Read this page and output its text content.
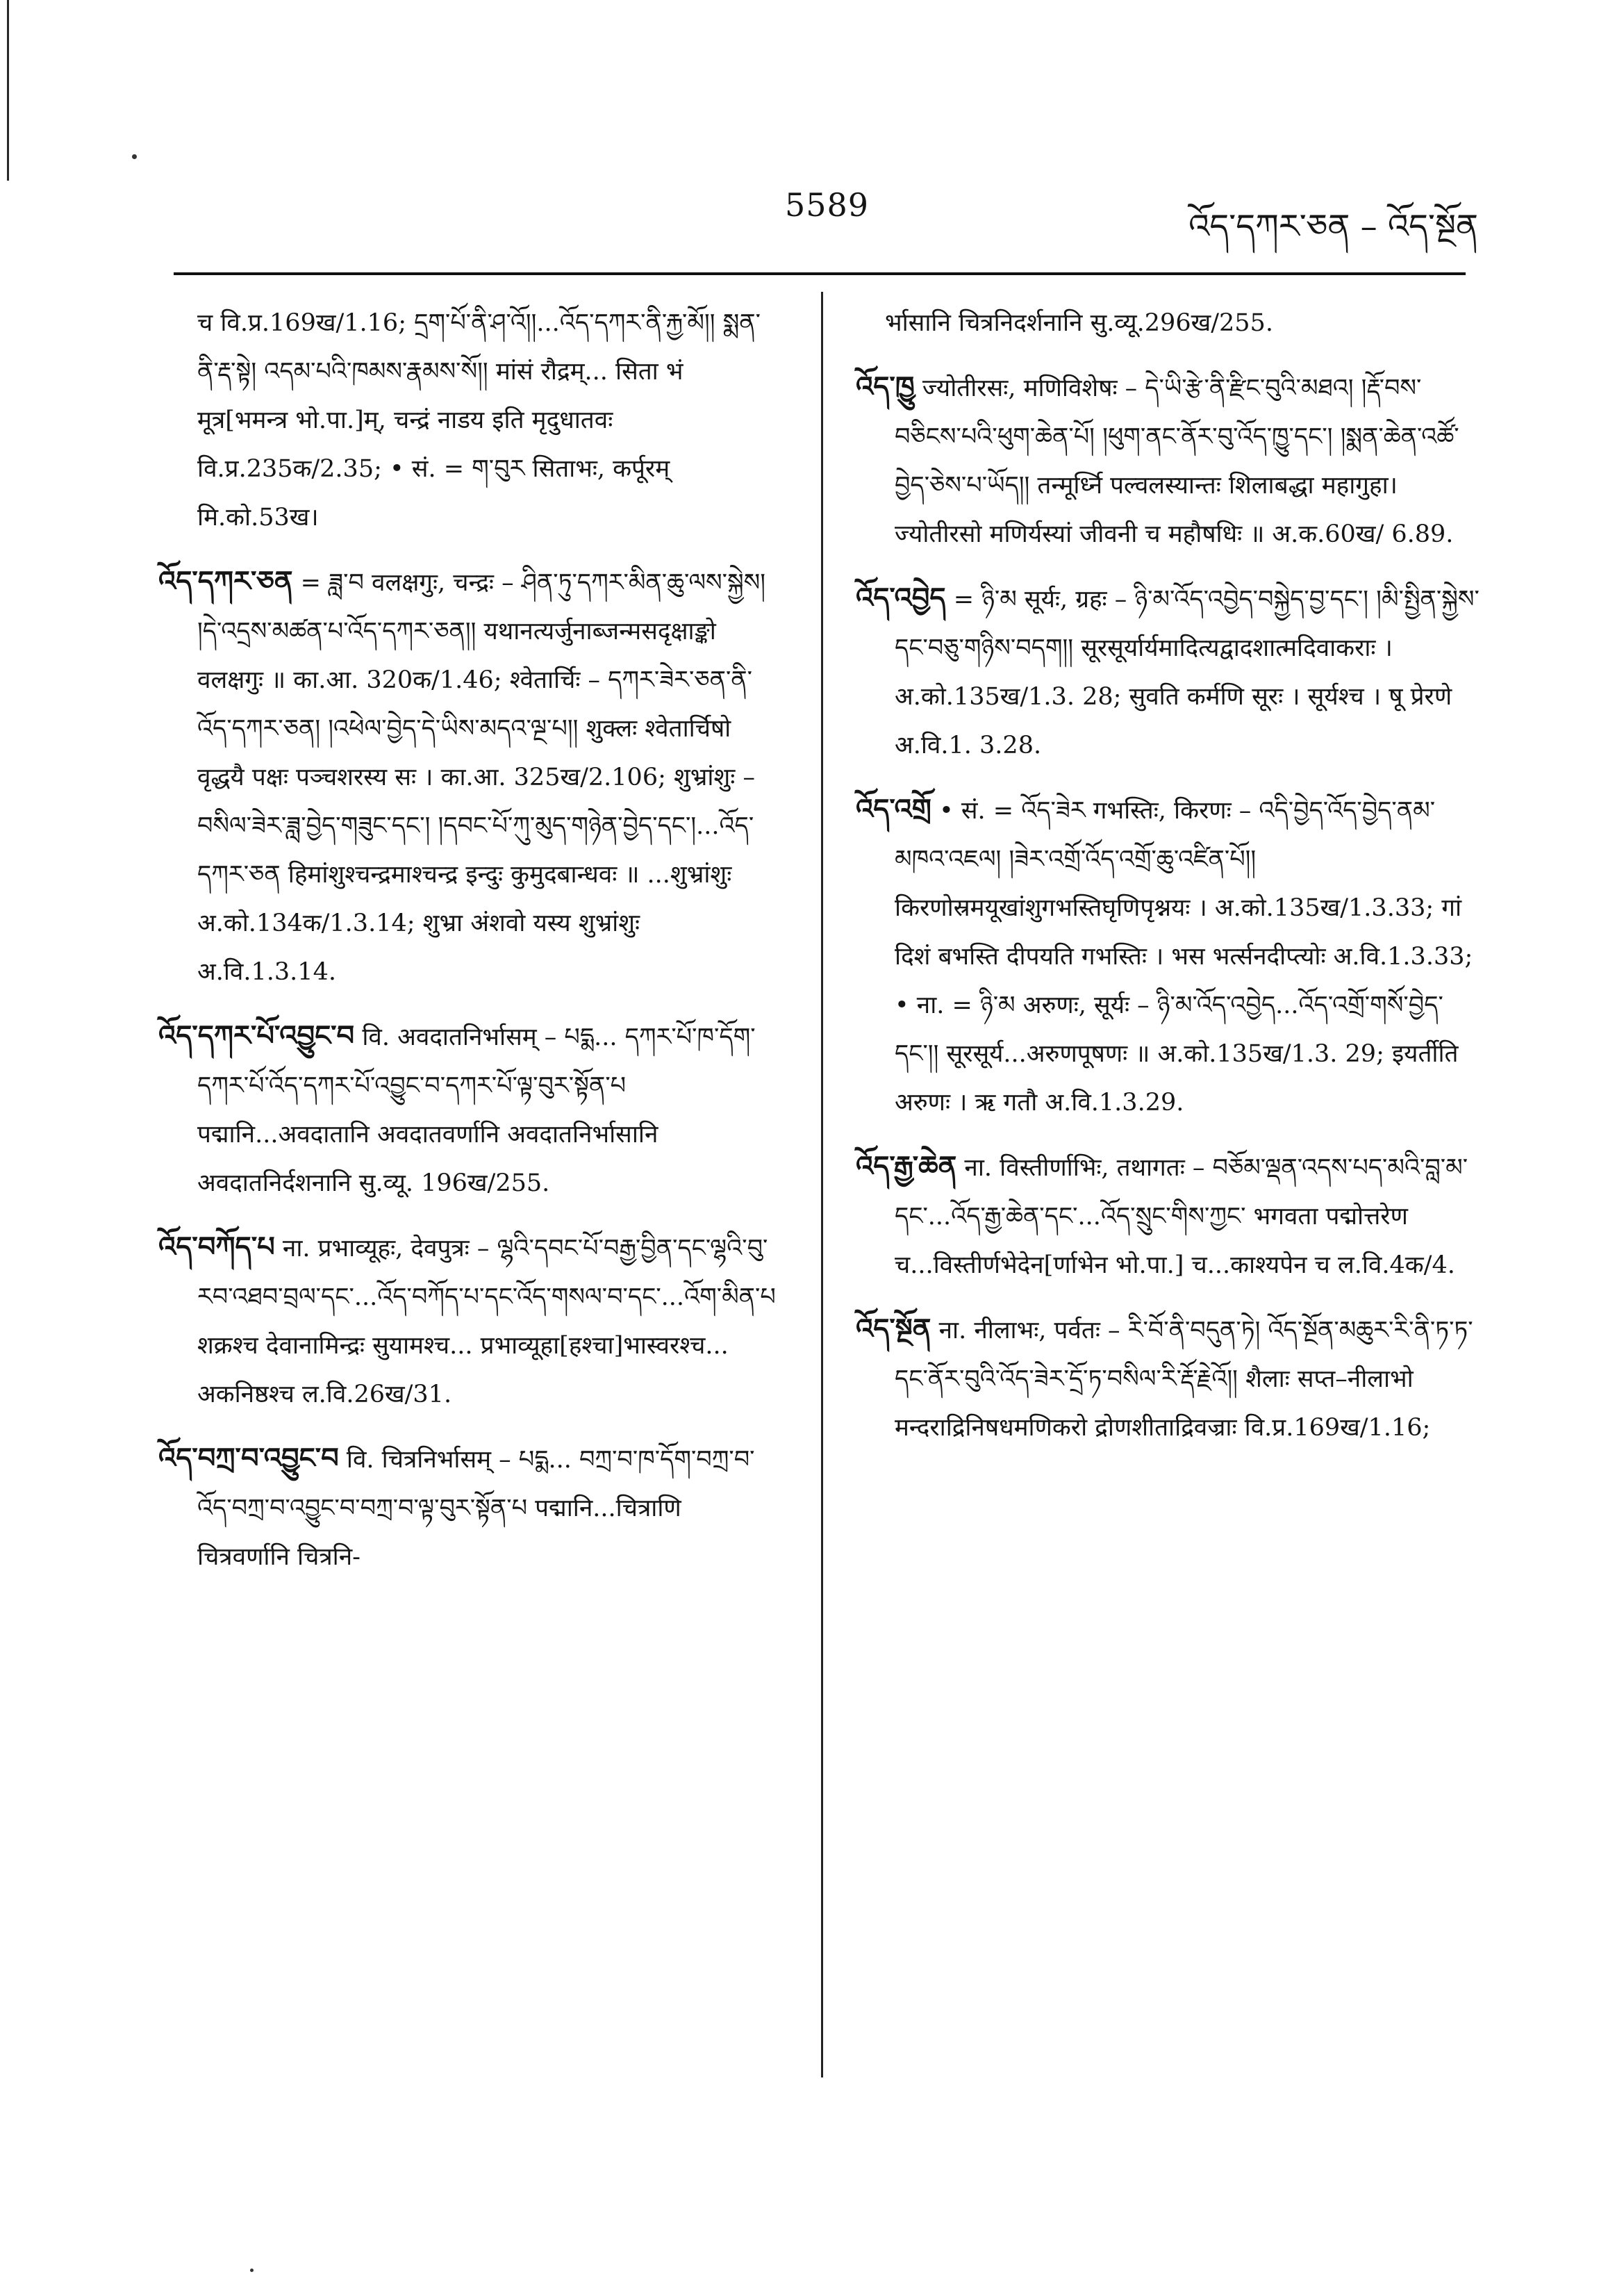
5589
འོད་དཀར་ཅན – འོད་སྔོན

च वि.प्र.169ख/1.16; དྲག་པོ་ནི་ཤ་འོ།།...འོད་དཀར་ནི་རྐྱ་མོ།། སྨན་ནི་རྡ་སྟེ། འདམ་པའི་ཁམས་རྣམས་སོ།། मांसं रौद्रम्... सिता भं मूत्र[भमन्त्र भो.पा.]म्, चन्द्रं नाडय इति मृदुधातवः वि.प्र.235क/2.35; • सं. = ག་བུར सिताभः, कर्पूरम् मि.को.53ख।

འོད་དཀར་ཅན = ཟླ་བ वलक्षगुः, चन्द्रः – ཤིན་ཏུ་དཀར་མིན་ཆུ་ལས་སྐྱེས། །དེ་འདྲས་མཚན་པ་འོད་དཀར་ཅན།། यथानत्यर्जुनाब्जन्मसदृक्षाङ्को वलक्षगुः ॥ का.आ. 320क/1.46; श्वेतार्चिः – དཀར་ཟེར་ཅན་ནི་འོད་དཀར་ཅན། །འཕེལ་བྱེད་དེ་ཡིས་མདའ་ལྔ་པ།། शुक्लः श्वेतार्चिषो वृद्धयै पक्षः पञ्चशरस्य सः । का.आ. 325ख/2.106; शुभ्रांशुः – བསིལ་ཟེར་ཟླ་བྱེད་གཟུང་དང་། །དབང་པོ་ཀུ་མུད་གཉེན་བྱེད་དང་།...འོད་དཀར་ཅན हिमांशुश्चन्द्रमाश्चन्द्र इन्दुः कुमुदबान्धवः ॥ ...शुभ्रांशुः अ.को.134क/1.3.14; शुभ्रा अंशवो यस्य शुभ्रांशुः अ.वि.1.3.14.

འོད་དཀར་པོ་འབྱུང་བ वि. अवदातनिर्भासम् – པདྨ... དཀར་པོ་ཁ་དོག་དཀར་པོ་འོད་དཀར་པོ་འབྱུང་བ་དཀར་པོ་ལྟ་བུར་སྟོན་པ पद्मानि...अवदातानि अवदातवर्णानि अवदातनिर्भासानि अवदातनिर्दशनानि सु.व्यू. 196ख/255.

འོད་བཀོད་པ ना. प्रभाव्यूहः, देवपुत्रः – ལྷའི་དབང་པོ་བརྒྱ་བྱིན་དང་ལྷའི་བུ་རབ་འཐབ་བྲལ་དང་...འོད་བཀོད་པ་དང་འོད་གསལ་བ་དང་...འོག་མིན་པ शक्रश्च देवानामिन्द्रः सुयामश्च... प्रभाव्यूहा[हश्चा]भास्वरश्च... अकनिष्ठश्च ल.वि.26ख/31.

འོད་བཀྲ་བ་འབྱུང་བ वि. चित्रनिर्भासम् – པདྨ... བཀྲ་བ་ཁ་དོག་བཀྲ་བ་འོད་བཀྲ་བ་འབྱུང་བ་བཀྲ་བ་ལྟ་བུར་སྟོན་པ पद्मानि...चित्राणि चित्रवर्णानि चित्रनि-

र्भासानि चित्रनिदर्शनानि सु.व्यू.296ख/255.

འོད་ཁྱུ ज्योतीरसः, मणिविशेषः – དེ་ཡི་རྩེ་ནི་རྫིང་བུའི་མཐའ། །རྡོ་བས་བཅིངས་པའི་ཕུག་ཆེན་པོ། །ཕུག་ནང་ནོར་བུ་འོད་ཁྱུ་དང་། །སྨན་ཆེན་འཚོ་བྱེད་ཅེས་པ་ཡོད།། तन्मूर्ध्नि पल्वलस्यान्तः शिलाबद्धा महागुहा। ज्योतीरसो मणिर्यस्यां जीवनी च महौषधिः ॥ अ.क.60ख/ 6.89.

འོད་འབྱེད = ཉི་མ सूर्यः, ग्रहः – ཉི་མ་འོད་འབྱེད་བསྐྱེད་བྱ་དང་། །མི་སྤྱིན་སྐྱེས་དང་བཅུ་གཉིས་བདག།། सूरसूर्यार्यमादित्यद्वादशात्मदिवाकराः । अ.को.135ख/1.3. 28; सुवति कर्मणि सूरः । सूर्यश्च । षू प्रेरणे अ.वि.1. 3.28.

འོད་འགྲོ • सं. = འོད་ཟེར गभस्तिः, किरणः – འདི་བྱེད་འོད་བྱེད་ནམ་མཁའ་འཇལ། །ཟེར་འགྲོ་འོད་འགྲོ་ཆུ་འཛིན་པོ།། किरणोस्रमयूखांशुगभस्तिघृणिपृश्नयः । अ.को.135ख/1.3.33; गां दिशं बभस्ति दीपयति गभस्तिः । भस भर्त्सनदीप्त्योः अ.वि.1.3.33; • ना. = ཉི་མ अरुणः, सूर्यः – ཉི་མ་འོད་འབྱེད...འོད་འགྲོ་གསོ་བྱེད་དང་།། सूरसूर्य...अरुणपूषणः ॥ अ.को.135ख/1.3. 29; इयर्तीति अरुणः । ऋ गतौ अ.वि.1.3.29.

འོད་རྒྱ་ཆེན ना. विस्तीर्णाभिः, तथागतः – བཅོམ་ལྡན་འདས་པད་མའི་བླ་མ་དང་...འོད་རྒྱ་ཆེན་དང་...འོད་སྲུང་གིས་ཀྱང་ भगवता पद्मोत्तरेण च...विस्तीर्णभेदेन[र्णाभेन भो.पा.] च...काश्यपेन च ल.वि.4क/4.

འོད་སྔོན ना. नीलाभः, पर्वतः – རི་བོ་ནི་བདུན་ཏེ། འོད་སྔོན་མཆུར་རི་ནི་ཏ་ཏ་དང་ནོར་བུའི་འོད་ཟེར་དྲོ་ཏ་བསིལ་རི་རྡོ་རྗེའོ།། शैलाः सप्त–नीलाभो मन्दराद्रिनिषधमणिकरो द्रोणशीताद्रिवज्राः वि.प्र.169ख/1.16;
